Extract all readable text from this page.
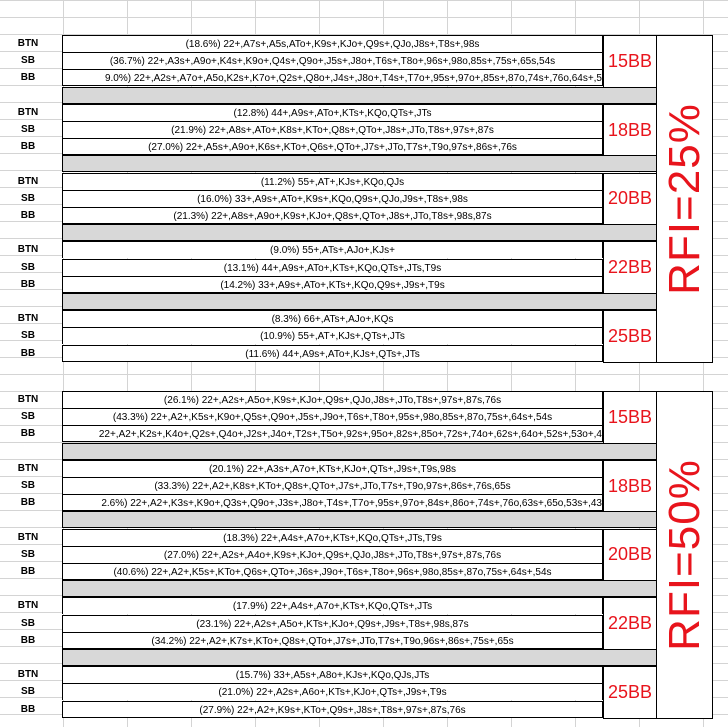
BTN	(18.6%) 22+,A7s+,A5s,ATo+,K9s+,KJo+,Q9s+,QJo,J8s+,T8s+,98s
SB	(36.7%) 22+,A3s+,A9o+,K4s+,K9o+,Q4s+,Q9o+,J5s+,J8o+,T6s+,T8o+,96s+,98o,85s+,75s+,65s,54s
BB	9.0%) 22+,A2s+,A7o+,A5o,K2s+,K7o+,Q2s+,Q8o+,J4s+,J8o+,T4s+,T7o+,95s+,97o+,85s+,87o,74s+,76o,64s+,5
15BB
BTN	(12.8%) 44+,A9s+,ATo+,KTs+,KQo,QTs+,JTs
SB	(21.9%) 22+,A8s+,ATo+,K8s+,KTo+,Q8s+,QTo+,J8s+,JTo,T8s+,97s+,87s
BB	(27.0%) 22+,A5s+,A9o+,K6s+,KTo+,Q6s+,QTo+,J7s+,JTo,T7s+,T9o,97s+,86s+,76s
18BB
BTN	(11.2%) 55+,AT+,KJs+,KQo,QJs
SB	(16.0%) 33+,A9s+,ATo+,K9s+,KQo,Q9s+,QJo,J9s+,T8s+,98s
BB	(21.3%) 22+,A8s+,A9o+,K9s+,KJo+,Q8s+,QTo+,J8s+,JTo,T8s+,98s,87s
20BB
BTN	(9.0%) 55+,ATs+,AJo+,KJs+
SB	(13.1%) 44+,A9s+,ATo+,KTs+,KQo,QTs+,JTs,T9s
BB	(14.2%) 33+,A9s+,ATo+,KTs+,KQo,Q9s+,J9s+,T9s
22BB
BTN	(8.3%) 66+,ATs+,AJo+,KQs
SB	(10.9%) 55+,AT+,KJs+,QTs+,JTs
BB	(11.6%) 44+,A9s+,ATo+,KJs+,QTs+,JTs
25BB
RFI=25%
BTN	(26.1%) 22+,A2s+,A5o+,K9s+,KJo+,Q9s+,QJo,J8s+,JTo,T8s+,97s+,87s,76s
SB	(43.3%) 22+,A2+,K5s+,K9o+,Q5s+,Q9o+,J5s+,J9o+,T6s+,T8o+,95s+,98o,85s+,87o,75s+,64s+,54s
BB	22+,A2+,K2s+,K4o+,Q2s+,Q4o+,J2s+,J4o+,T2s+,T5o+,92s+,95o+,82s+,85o+,72s+,74o+,62s+,64o+,52s+,53o+,4
15BB
BTN	(20.1%) 22+,A3s+,A7o+,KTs+,KJo+,QTs+,J9s+,T9s,98s
SB	(33.3%) 22+,A2+,K8s+,KTo+,Q8s+,QTo+,J7s+,JTo,T7s+,T9o,97s+,86s+,76s,65s
BB	2.6%) 22+,A2+,K3s+,K9o+,Q3s+,Q9o+,J3s+,J8o+,T4s+,T7o+,95s+,97o+,84s+,86o+,74s+,76o,63s+,65o,53s+,43
18BB
BTN	(18.3%) 22+,A4s+,A7o+,KTs+,KQo,QTs+,JTs,T9s
SB	(27.0%) 22+,A2s+,A4o+,K9s+,KJo+,Q9s+,QJo,J8s+,JTo,T8s+,97s+,87s,76s
BB	(40.6%) 22+,A2+,K5s+,KTo+,Q6s+,QTo+,J6s+,J9o+,T6s+,T8o+,96s+,98o,85s+,87o,75s+,64s+,54s
20BB
BTN	(17.9%) 22+,A4s+,A7o+,KTs+,KQo,QTs+,JTs
SB	(23.1%) 22+,A2s+,A5o+,KTs+,KJo+,Q9s+,J9s+,T8s+,98s,87s
BB	(34.2%) 22+,A2+,K7s+,KTo+,Q8s+,QTo+,J7s+,JTo,T7s+,T9o,96s+,86s+,75s+,65s
22BB
BTN	(15.7%) 33+,A5s+,A8o+,KJs+,KQo,QJs,JTs
SB	(21.0%) 22+,A2s+,A6o+,KTs+,KJo+,QTs+,J9s+,T9s
BB	(27.9%) 22+,A2+,K9s+,KTo+,Q9s+,J8s+,T8s+,97s+,87s,76s
25BB
RFI=50%
